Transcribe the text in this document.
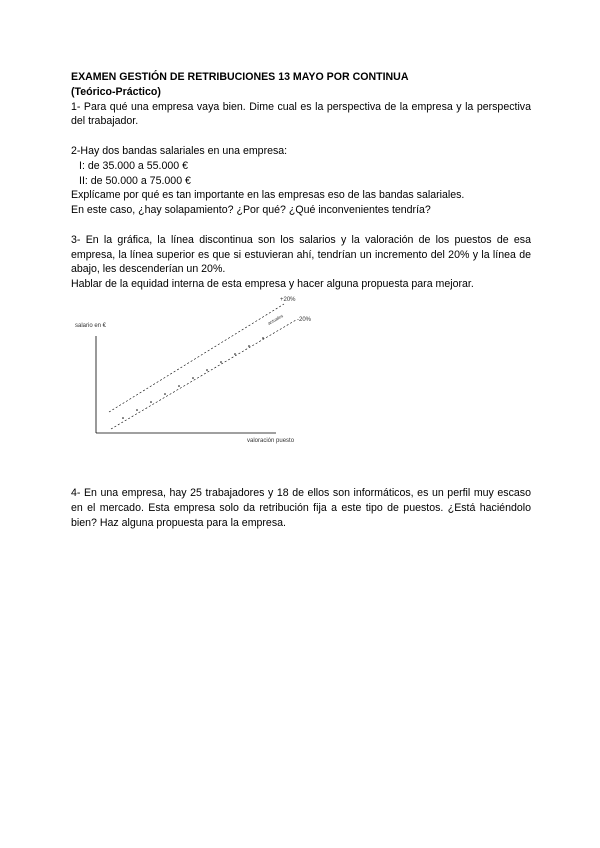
EXAMEN GESTIÓN DE RETRIBUCIONES 13 MAYO POR CONTINUA

(Teórico-Práctico)

1- Para qué una empresa vaya bien. Dime cual es la perspectiva de la empresa y la perspectiva del trabajador.

2-Hay dos bandas salariales en una empresa:

I: de 35.000 a 55.000 €

II: de 50.000 a 75.000 €

Explícame por qué es tan importante en las empresas eso de las bandas salariales.

En este caso, ¿hay solapamiento? ¿Por qué? ¿Qué inconvenientes tendría?

3- En la gráfica, la línea discontinua son los salarios y la valoración de los puestos de esa empresa, la línea superior es que si estuvieran ahí, tendrían un incremento del 20% y la línea de abajo, les descenderían un 20%.

Hablar de la equidad interna de esta empresa y hacer alguna propuesta para mejorar.

salario en €
valoración puesto
+20%
-20%
actuales

4- En una empresa, hay 25 trabajadores y 18 de ellos son informáticos, es un perfil muy escaso en el mercado. Esta empresa solo da retribución fija a este tipo de puestos. ¿Está haciéndolo bien? Haz alguna propuesta para la empresa.
